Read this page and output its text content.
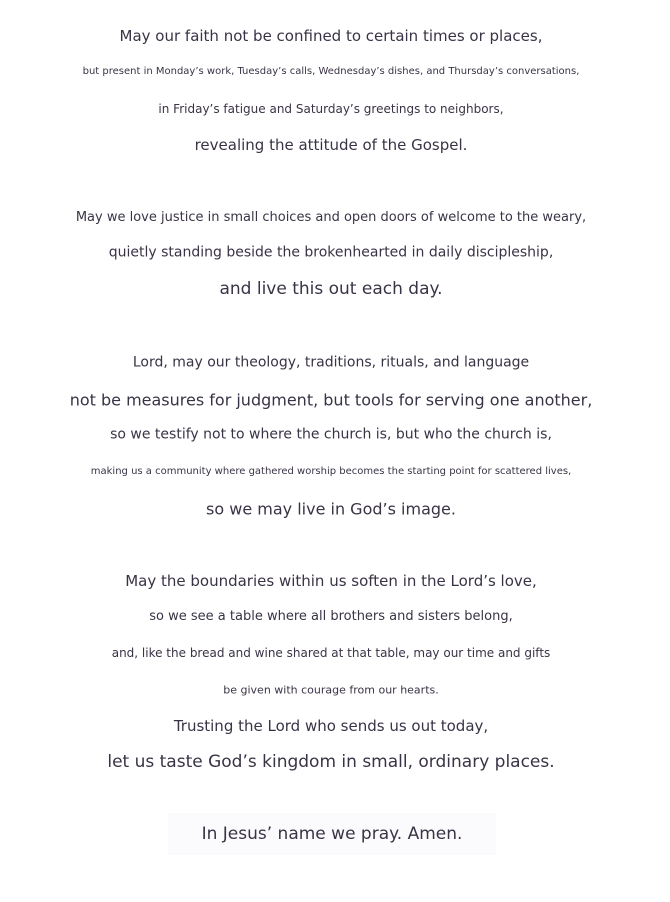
May our faith not be confined to certain times or places,
but present in Monday’s work, Tuesday’s calls, Wednesday’s dishes, and Thursday’s conversations,
in Friday’s fatigue and Saturday’s greetings to neighbors,
revealing the attitude of the Gospel.
May we love justice in small choices and open doors of welcome to the weary,
quietly standing beside the brokenhearted in daily discipleship,
and live this out each day.
Lord, may our theology, traditions, rituals, and language
not be measures for judgment, but tools for serving one another,
so we testify not to where the church is, but who the church is,
making us a community where gathered worship becomes the starting point for scattered lives,
so we may live in God’s image.
May the boundaries within us soften in the Lord’s love,
so we see a table where all brothers and sisters belong,
and, like the bread and wine shared at that table, may our time and gifts
be given with courage from our hearts.
Trusting the Lord who sends us out today,
let us taste God’s kingdom in small, ordinary places.
In Jesus’ name we pray. Amen.
